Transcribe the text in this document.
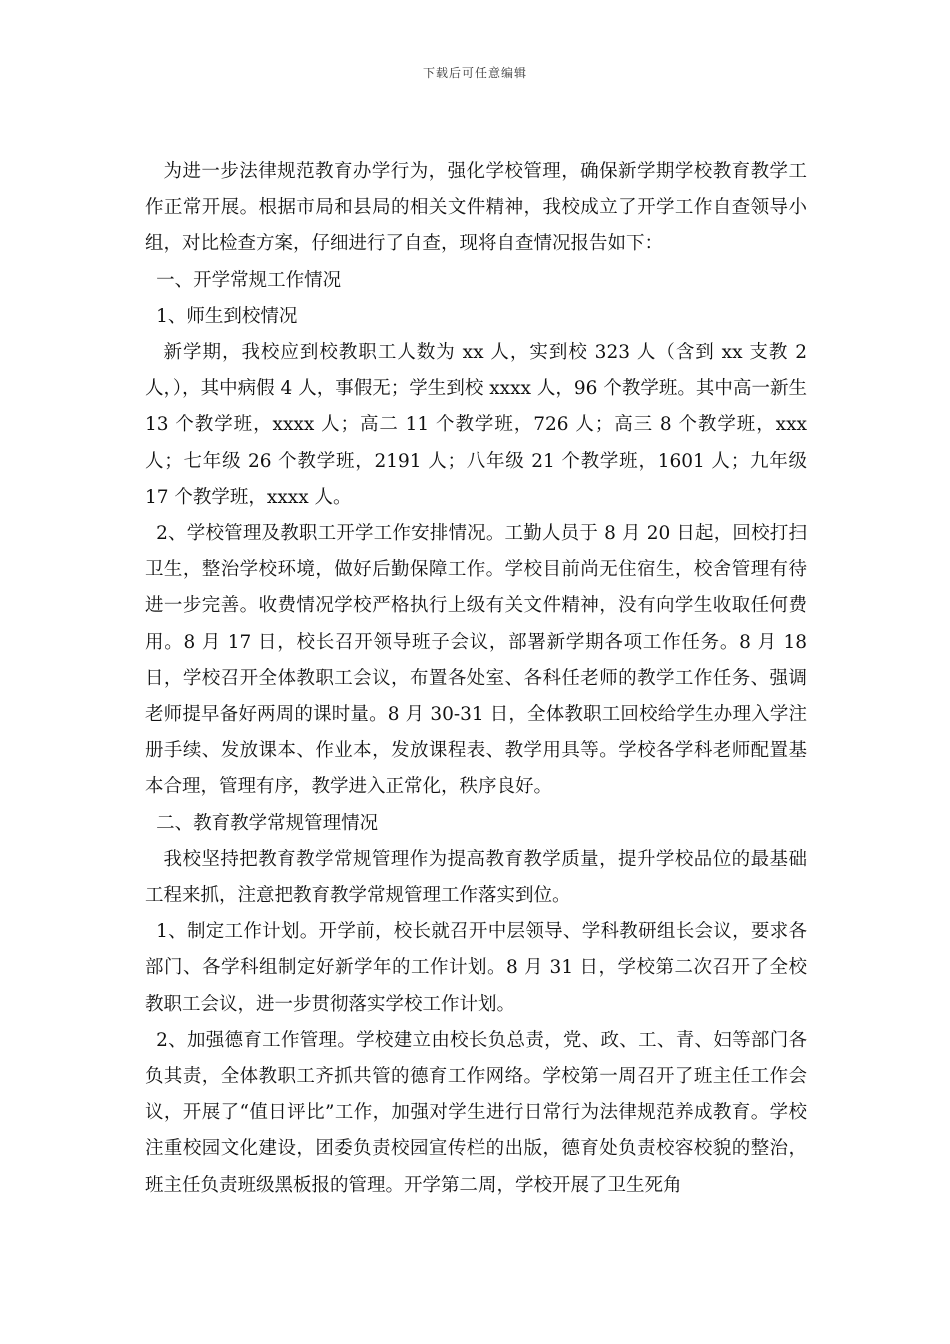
下载后可任意编辑

为进一步法律规范教育办学行为，强化学校管理，确保新学期学校教育教学工作正常开展。根据市局和县局的相关文件精神，我校成立了开学工作自查领导小组，对比检查方案，仔细进行了自查，现将自查情况报告如下：

一、开学常规工作情况

1、师生到校情况

新学期，我校应到校教职工人数为 xx 人，实到校 323 人（含到 xx 支教 2 人，），其中病假 4 人，事假无；学生到校 xxxx 人，96 个教学班。其中高一新生 13 个教学班，xxxx 人；高二 11 个教学班，726 人；高三 8 个教学班，xxx 人；七年级 26 个教学班，2191 人；八年级 21 个教学班，1601 人；九年级 17 个教学班，xxxx 人。

2、学校管理及教职工开学工作安排情况。工勤人员于 8 月 20 日起，回校打扫卫生，整治学校环境，做好后勤保障工作。学校目前尚无住宿生，校舍管理有待进一步完善。收费情况学校严格执行上级有关文件精神，没有向学生收取任何费用。8 月 17 日，校长召开领导班子会议，部署新学期各项工作任务。8 月 18 日，学校召开全体教职工会议，布置各处室、各科任老师的教学工作任务、强调老师提早备好两周的课时量。8 月 30-31 日，全体教职工回校给学生办理入学注册手续、发放课本、作业本，发放课程表、教学用具等。学校各学科老师配置基本合理，管理有序，教学进入正常化，秩序良好。

二、教育教学常规管理情况

我校坚持把教育教学常规管理作为提高教育教学质量，提升学校品位的最基础工程来抓，注意把教育教学常规管理工作落实到位。

1、制定工作计划。开学前，校长就召开中层领导、学科教研组长会议，要求各部门、各学科组制定好新学年的工作计划。8 月 31 日，学校第二次召开了全校教职工会议，进一步贯彻落实学校工作计划。

2、加强德育工作管理。学校建立由校长负总责，党、政、工、青、妇等部门各负其责，全体教职工齐抓共管的德育工作网络。学校第一周召开了班主任工作会议，开展了“值日评比”工作，加强对学生进行日常行为法律规范养成教育。学校注重校园文化建设，团委负责校园宣传栏的出版，德育处负责校容校貌的整治，班主任负责班级黑板报的管理。开学第二周，学校开展了卫生死角
